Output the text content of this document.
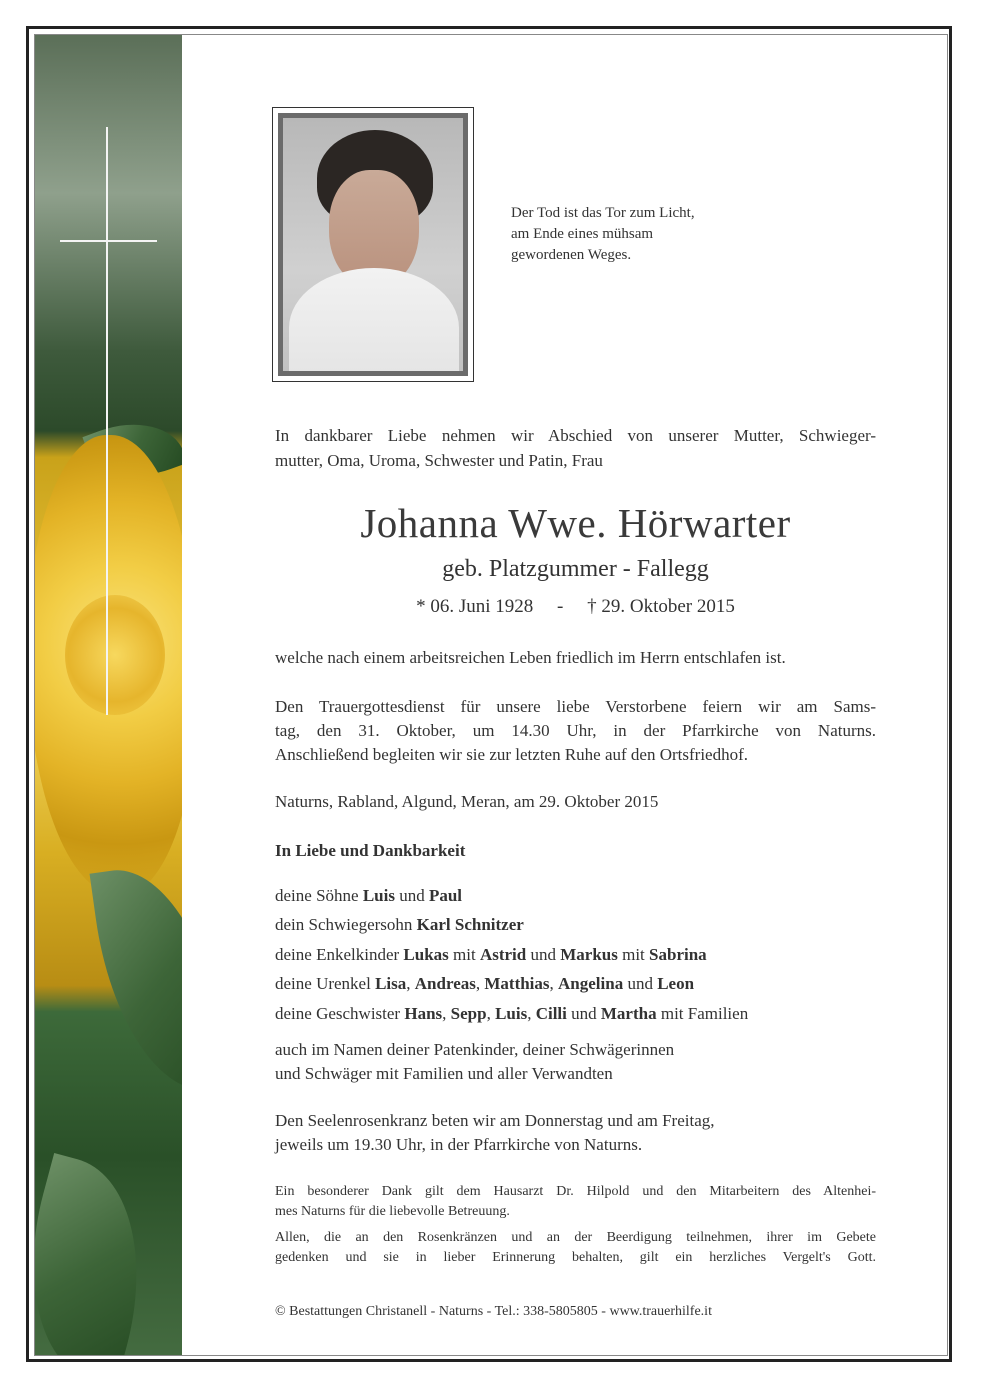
Der Tod ist das Tor zum Licht,
am Ende eines mühsam
gewordenen Weges.
In dankbarer Liebe nehmen wir Abschied von unserer Mutter, Schwieger-
mutter, Oma, Uroma, Schwester und Patin, Frau
Johanna Wwe. Hörwarter
geb. Platzgummer - Fallegg
* 06. Juni 1928     -     † 29. Oktober 2015
welche nach einem arbeitsreichen Leben friedlich im Herrn entschlafen ist.
Den Trauergottesdienst für unsere liebe Verstorbene feiern wir am Sams-
tag, den 31. Oktober, um 14.30 Uhr, in der Pfarrkirche von Naturns.
Anschließend begleiten wir sie zur letzten Ruhe auf den Ortsfriedhof.
Naturns, Rabland, Algund, Meran, am 29. Oktober 2015
In Liebe und Dankbarkeit
deine Söhne Luis und Paul
dein Schwiegersohn Karl Schnitzer
deine Enkelkinder Lukas mit Astrid und Markus mit Sabrina
deine Urenkel Lisa, Andreas, Matthias, Angelina und Leon
deine Geschwister Hans, Sepp, Luis, Cilli und Martha mit Familien
auch im Namen deiner Patenkinder, deiner Schwägerinnen
und Schwäger mit Familien und aller Verwandten
Den Seelenrosenkranz beten wir am Donnerstag und am Freitag,
jeweils um 19.30 Uhr, in der Pfarrkirche von Naturns.
Ein besonderer Dank gilt dem Hausarzt Dr. Hilpold und den Mitarbeitern des Altenhei-
mes Naturns für die liebevolle Betreuung.
Allen, die an den Rosenkränzen und an der Beerdigung teilnehmen, ihrer im Gebete
gedenken und sie in lieber Erinnerung behalten, gilt ein herzliches Vergelt's Gott.
© Bestattungen Christanell - Naturns - Tel.: 338-5805805 - www.trauerhilfe.it
